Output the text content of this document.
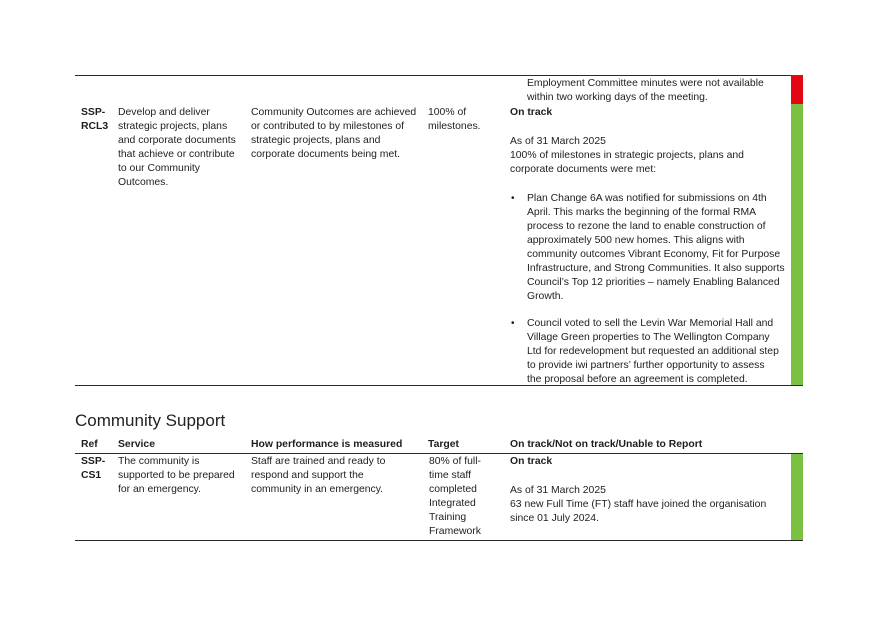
Employment Committee minutes were not available within two working days of the meeting.
SSP-
RCL3
Develop and deliver
strategic projects, plans
and corporate documents
that achieve or contribute
to our Community
Outcomes.
Community Outcomes are achieved
or contributed to by milestones of
strategic projects, plans and
corporate documents being met.
100% of
milestones.
On track
As of 31 March 2025
100% of milestones in strategic projects, plans and
corporate documents were met:
• Plan Change 6A was notified for submissions on 4th
April. This marks the beginning of the formal RMA
process to rezone the land to enable construction of
approximately 500 new homes. This aligns with
community outcomes Vibrant Economy, Fit for Purpose
Infrastructure, and Strong Communities. It also supports
Council’s Top 12 priorities – namely Enabling Balanced
Growth.
• Council voted to sell the Levin War Memorial Hall and
Village Green properties to The Wellington Company
Ltd for redevelopment but requested an additional step
to provide iwi partners’ further opportunity to assess
the proposal before an agreement is completed.
Community Support
Ref Service	How performance is measured Target	On track/Not on track/Unable to Report
SSP-
CS1
The community is
supported to be prepared
for an emergency.
Staff are trained and ready to
respond and support the
community in an emergency.
80% of full-
time staff
completed
Integrated
Training
Framework
On track
As of 31 March 2025
63 new Full Time (FT) staff have joined the organisation
since 01 July 2024.
